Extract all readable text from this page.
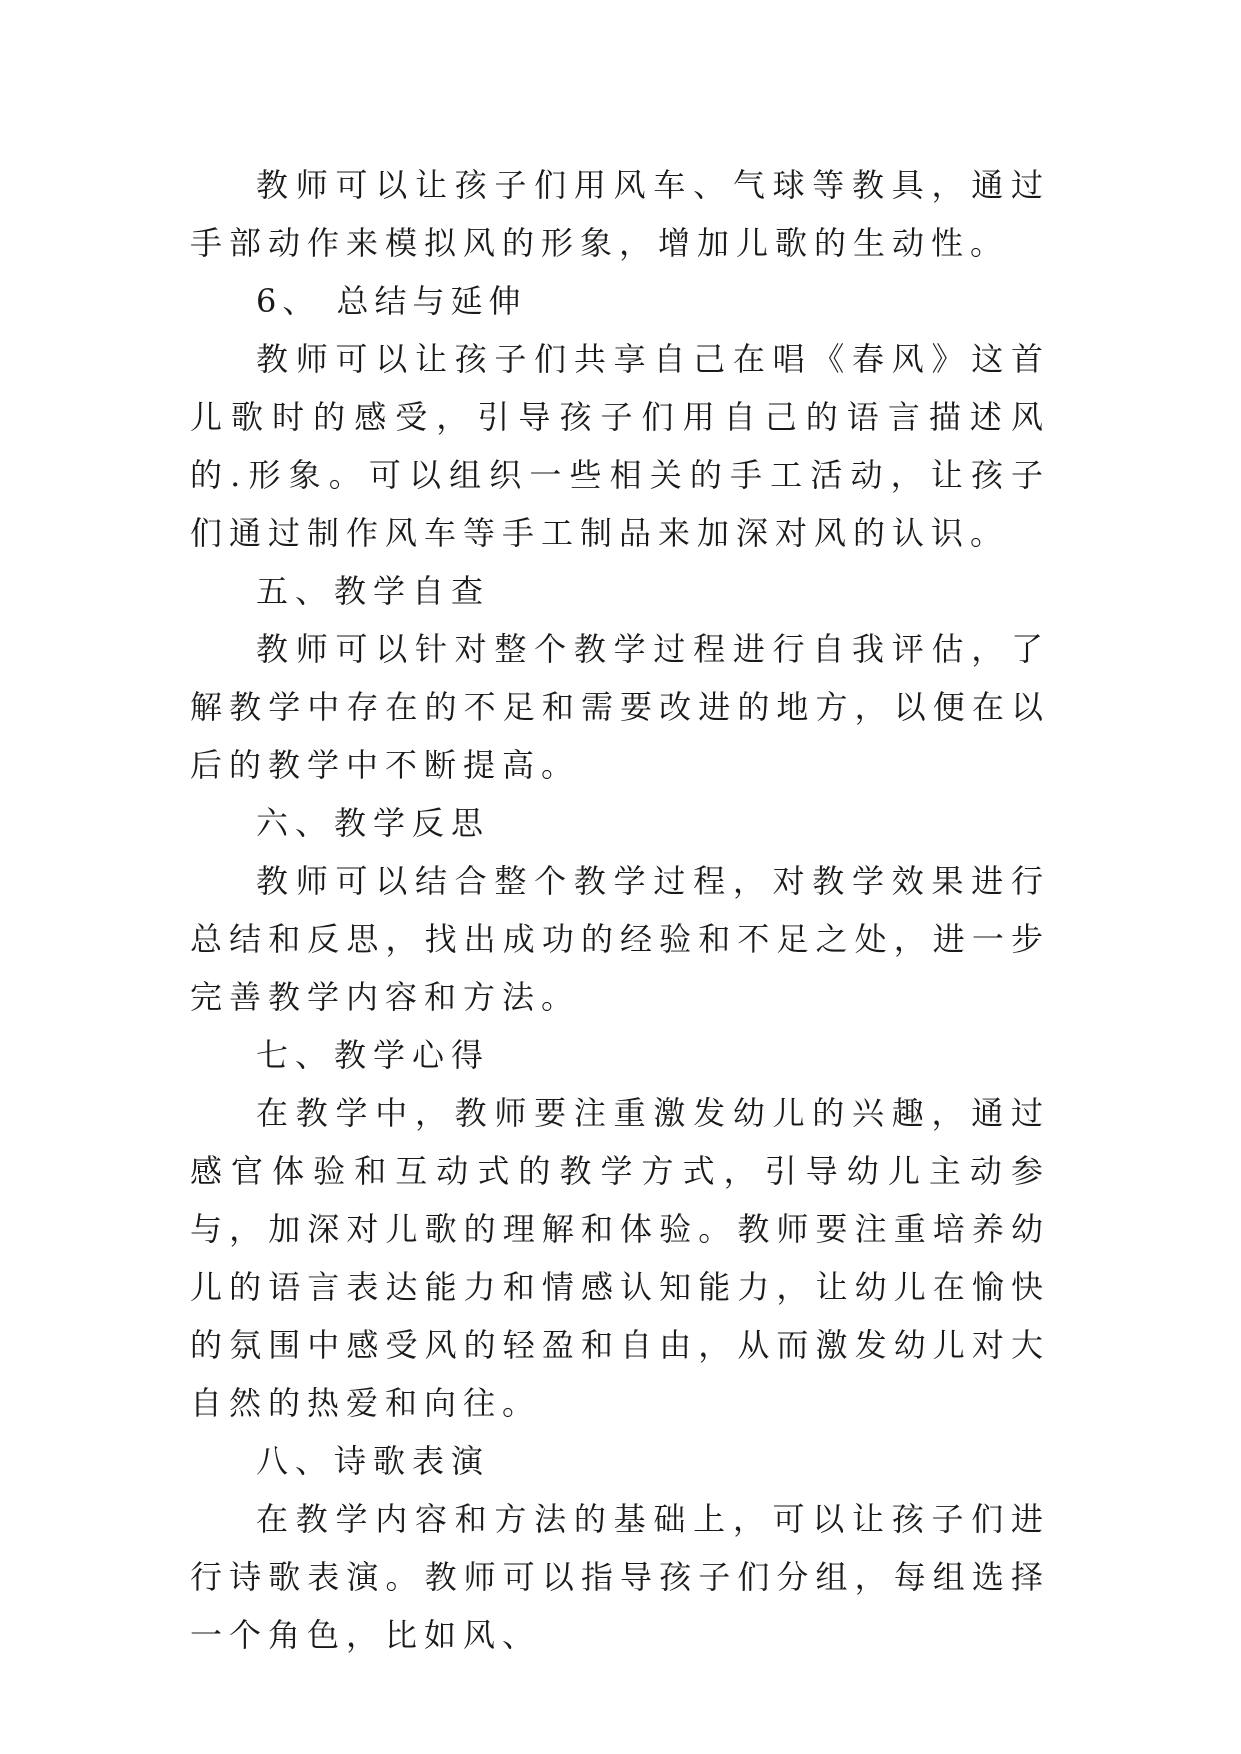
教师可以让孩子们用风车、气球等教具，通过手部动作来模拟风的形象，增加儿歌的生动性。

6、 总结与延伸

教师可以让孩子们共享自己在唱《春风》这首儿歌时的感受，引导孩子们用自己的语言描述风的.形象。可以组织一些相关的手工活动，让孩子们通过制作风车等手工制品来加深对风的认识。

五、教学自查

教师可以针对整个教学过程进行自我评估，了解教学中存在的不足和需要改进的地方，以便在以后的教学中不断提高。

六、教学反思

教师可以结合整个教学过程，对教学效果进行总结和反思，找出成功的经验和不足之处，进一步完善教学内容和方法。

七、教学心得

在教学中，教师要注重激发幼儿的兴趣，通过感官体验和互动式的教学方式，引导幼儿主动参与，加深对儿歌的理解和体验。教师要注重培养幼儿的语言表达能力和情感认知能力，让幼儿在愉快的氛围中感受风的轻盈和自由，从而激发幼儿对大自然的热爱和向往。

八、诗歌表演

在教学内容和方法的基础上，可以让孩子们进行诗歌表演。教师可以指导孩子们分组，每组选择一个角色，比如风、
